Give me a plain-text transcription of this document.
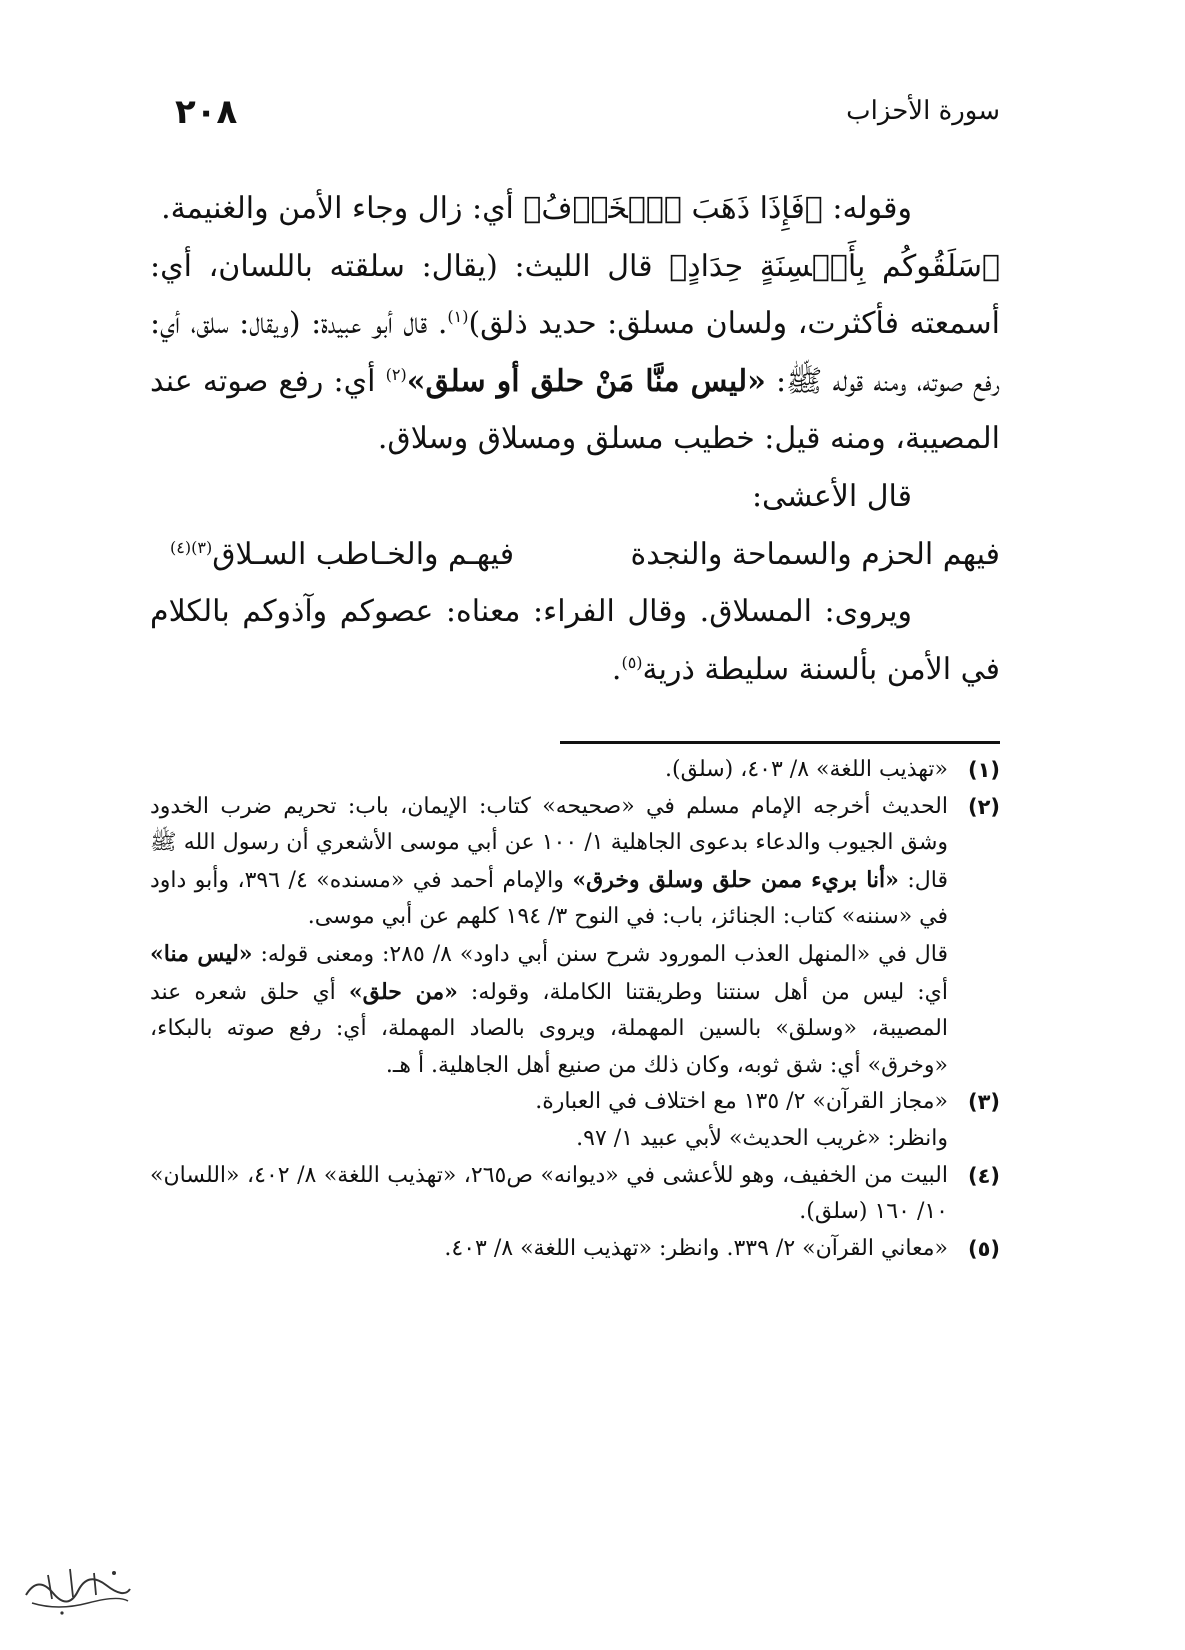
٢٠٨	سورة الأحزاب

وقوله: ﴿فَإِذَا ذَهَبَ ٱلۡخَوۡفُ﴾ أي: زال وجاء الأمن والغنيمة.

﴿سَلَقُوكُم بِأَلۡسِنَةٍ حِدَادٍ﴾ قال الليث: (يقال: سلقته باللسان، أي: أسمعته فأكثرت، ولسان مسلق: حديد ذلق)$^{(١)}$. قال أبو عبيدة: (ويقال: سلق، أي: رفع صوته، ومنه قوله ﷺ: «ليس منَّا مَنْ حلق أو سلق»$^{(٢)}$ أي: رفع صوته عند المصيبة، ومنه قيل: خطيب مسلق ومسلاق وسلاق.

قال الأعشى:

فيهم الحزم والسماحة والنجدة
فيهـم والخـاطب السـلاق$^{(٣)(٤)}$

ويروى: المسلاق. وقال الفراء: معناه: عصوكم وآذوكم بالكلام في الأمن بألسنة سليطة ذرية$^{(٥)}$.

(١)

«تهذيب اللغة» ٨/ ٤٠٣، (سلق).

(٢)

الحديث أخرجه الإمام مسلم في «صحيحه» كتاب: الإيمان، باب: تحريم ضرب الخدود وشق الجيوب والدعاء بدعوى الجاهلية ١/ ١٠٠ عن أبي موسى الأشعري أن رسول الله ﷺ قال: «أنا بريء ممن حلق وسلق وخرق» والإمام أحمد في «مسنده» ٤/ ٣٩٦، وأبو داود في «سننه» كتاب: الجنائز، باب: في النوح ٣/ ١٩٤ كلهم عن أبي موسى.

قال في «المنهل العذب المورود شرح سنن أبي داود» ٨/ ٢٨٥: ومعنى قوله: «ليس منا» أي: ليس من أهل سنتنا وطريقتنا الكاملة، وقوله: «من حلق» أي حلق شعره عند المصيبة، «وسلق» بالسين المهملة، ويروى بالصاد المهملة، أي: رفع صوته بالبكاء، «وخرق» أي: شق ثوبه، وكان ذلك من صنيع أهل الجاهلية. أ هـ.

(٣)

«مجاز القرآن» ٢/ ١٣٥ مع اختلاف في العبارة.

وانظر: «غريب الحديث» لأبي عبيد ١/ ٩٧.

(٤)

البيت من الخفيف، وهو للأعشى في «ديوانه» ص٢٦٥، «تهذيب اللغة» ٨/ ٤٠٢، «اللسان» ١٠/ ١٦٠ (سلق).

(٥)

«معاني القرآن» ٢/ ٣٣٩. وانظر: «تهذيب اللغة» ٨/ ٤٠٣.
